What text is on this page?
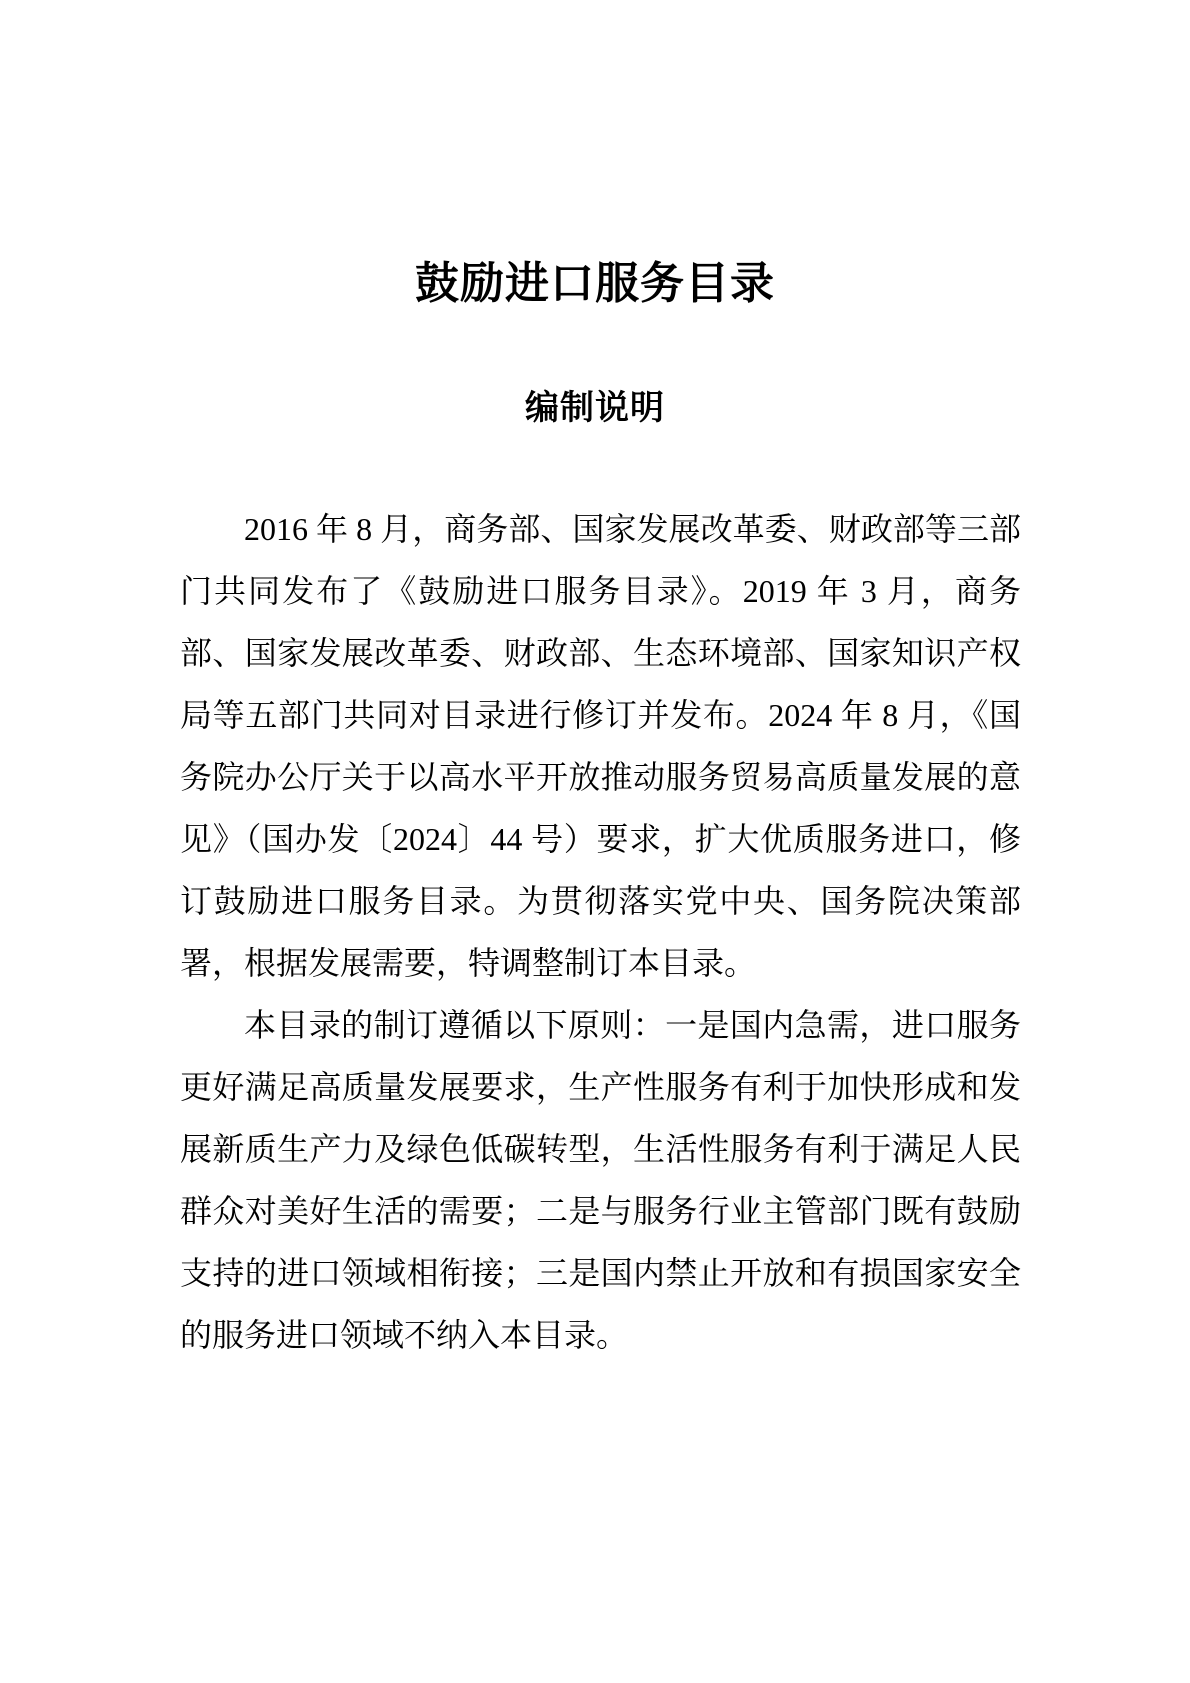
鼓励进口服务目录
编制说明

2016 年 8 月，商务部、国家发展改革委、财政部等三部门共同发布了《鼓励进口服务目录》。2019 年 3 月，商务部、国家发展改革委、财政部、生态环境部、国家知识产权局等五部门共同对目录进行修订并发布。2024 年 8 月，《国务院办公厅关于以高水平开放推动服务贸易高质量发展的意见》（国办发〔2024〕44 号）要求，扩大优质服务进口，修订鼓励进口服务目录。为贯彻落实党中央、国务院决策部署，根据发展需要，特调整制订本目录。

本目录的制订遵循以下原则：一是国内急需，进口服务更好满足高质量发展要求，生产性服务有利于加快形成和发展新质生产力及绿色低碳转型，生活性服务有利于满足人民群众对美好生活的需要；二是与服务行业主管部门既有鼓励支持的进口领域相衔接；三是国内禁止开放和有损国家安全的服务进口领域不纳入本目录。
